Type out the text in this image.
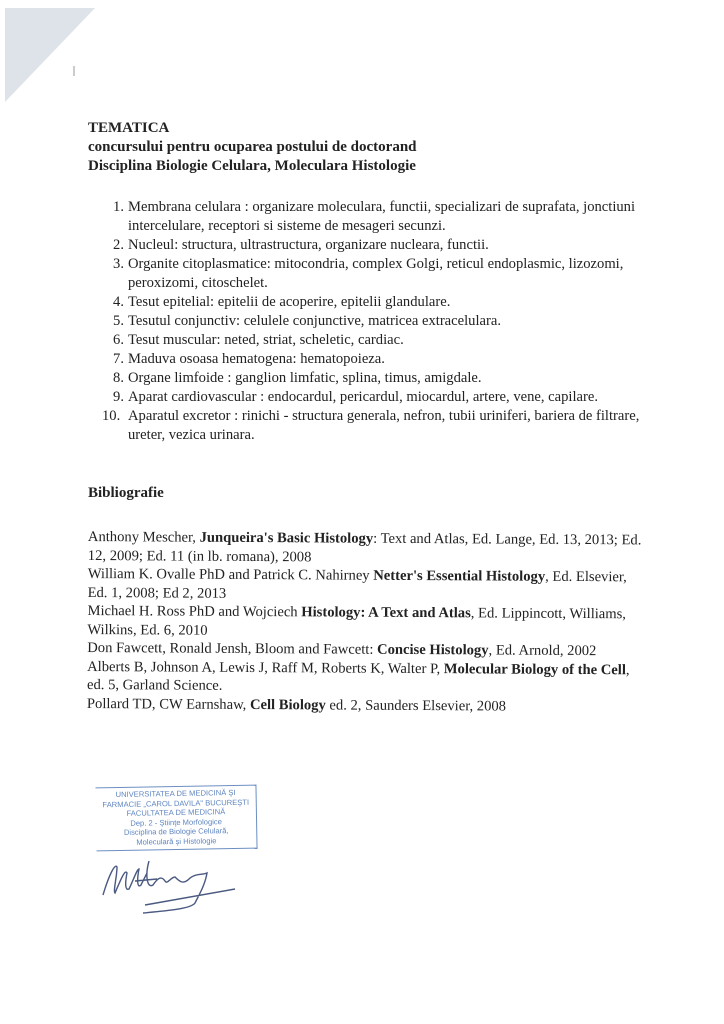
TEMATICA
concursului pentru ocuparea postului de doctorand
Disciplina Biologie Celulara, Moleculara Histologie
Membrana celulara : organizare moleculara, functii, specializari de suprafata, jonctiuni intercelulare, receptori si sisteme de mesageri secunzi.
Nucleul: structura, ultrastructura, organizare nucleara, functii.
Organite citoplasmatice: mitocondria, complex Golgi, reticul endoplasmic, lizozomi, peroxizomi, citoschelet.
Tesut epitelial: epitelii de acoperire, epitelii glandulare.
Tesutul conjunctiv: celulele conjunctive, matricea extracelulara.
Tesut muscular: neted, striat, scheletic, cardiac.
Maduva osoasa hematogena: hematopoieza.
Organe limfoide : ganglion limfatic, splina, timus, amigdale.
Aparat cardiovascular : endocardul, pericardul, miocardul, artere, vene, capilare.
Aparatul excretor : rinichi - structura generala, nefron, tubii uriniferi, bariera de filtrare, ureter, vezica urinara.
Bibliografie
Anthony Mescher, Junqueira's Basic Histology: Text and Atlas, Ed. Lange, Ed. 13, 2013; Ed. 12, 2009; Ed. 11 (in lb. romana), 2008
William K. Ovalle PhD and Patrick C. Nahirney Netter's Essential Histology, Ed. Elsevier, Ed. 1, 2008; Ed 2, 2013
Michael H. Ross PhD and Wojciech Histology: A Text and Atlas, Ed. Lippincott, Williams, Wilkins, Ed. 6, 2010
Don Fawcett, Ronald Jensh, Bloom and Fawcett: Concise Histology, Ed. Arnold, 2002
Alberts B, Johnson A, Lewis J, Raff M, Roberts K, Walter P, Molecular Biology of the Cell, ed. 5, Garland Science.
Pollard TD, CW Earnshaw, Cell Biology ed. 2, Saunders Elsevier, 2008
UNIVERSITATEA DE MEDICINĂ ŞI
FARMACIE „CAROL DAVILA" BUCUREŞTI
FACULTATEA DE MEDICINĂ
Dep. 2 - Ştiinţe Morfologice
Disciplina de Biologie Celulară,
Moleculară şi Histologie
